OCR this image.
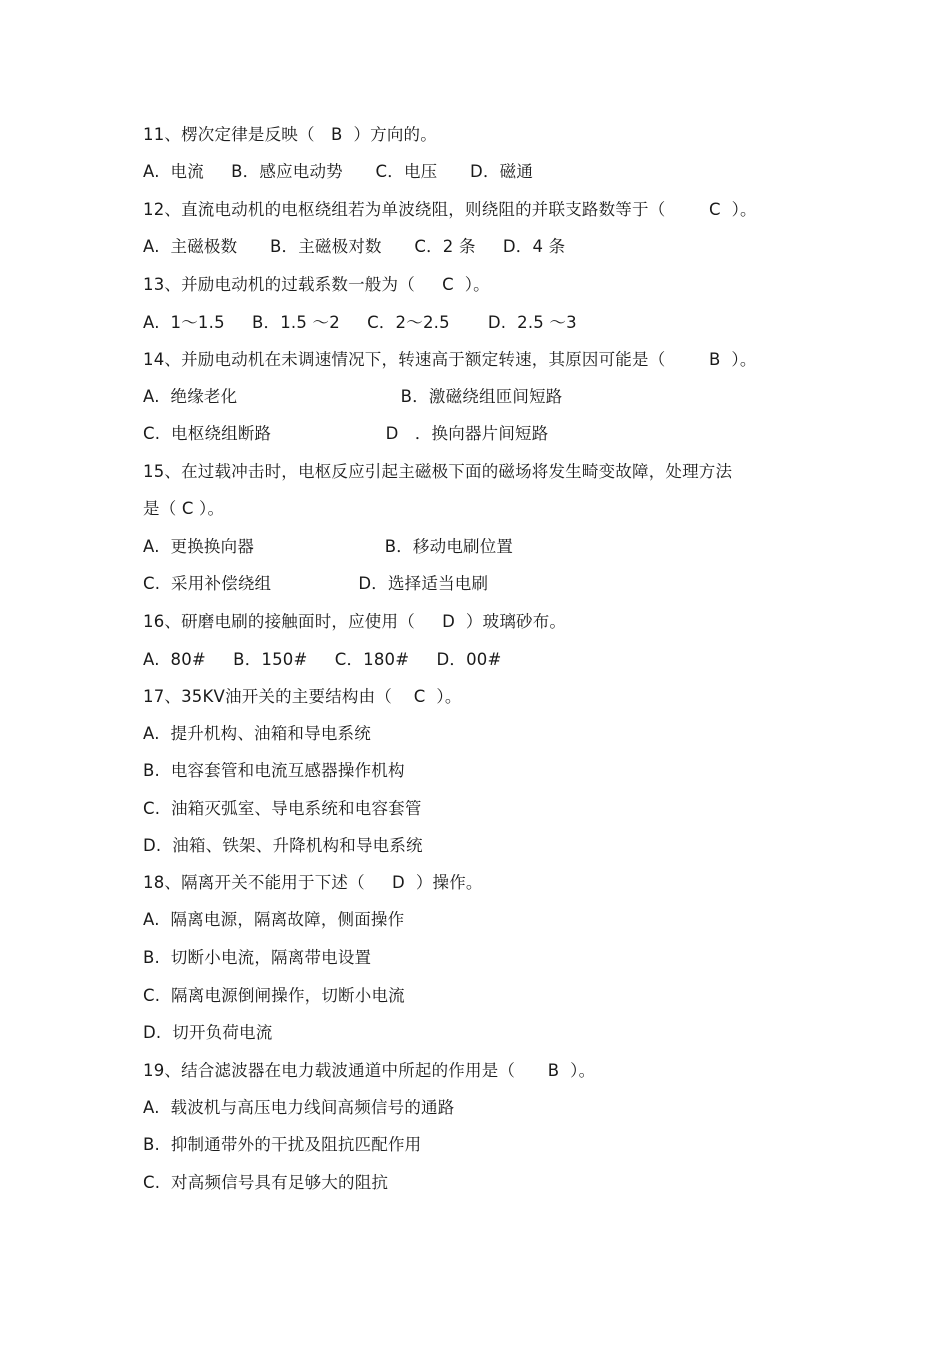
11、楞次定律是反映（   B  ）方向的。
A.  电流     B．感应电动势      C．电压      D．磁通
12、直流电动机的电枢绕组若为单波绕阻，则绕阻的并联支路数等于（        C  ）。
A.  主磁极数      B．主磁极对数      C．2 条     D．4 条
13、并励电动机的过载系数一般为（     C  ）。
A.  1～1.5     B．1.5 ～2     C．2～2.5       D.  2.5 ～3
14、并励电动机在未调速情况下，转速高于额定转速，其原因可能是（        B  ）。
A.  绝缘老化                              B．激磁绕组匝间短路
C.  电枢绕组断路                     D   ．换向器片间短路
15、在过载冲击时，电枢反应引起主磁极下面的磁场将发生畸变故障，处理方法
是（ C ）。
A.  更换换向器                        B．移动电刷位置
C.  采用补偿绕组                D．选择适当电刷
16、研磨电刷的接触面时，应使用（     D  ）玻璃砂布。
A.  80#     B．150#     C．180#     D．00#
17、35KV油开关的主要结构由（    C  ）。
A.  提升机构、油箱和导电系统
B.  电容套管和电流互感器操作机构
C.  油箱灭弧室、导电系统和电容套管
D.  油箱、铁架、升降机构和导电系统
18、隔离开关不能用于下述（     D  ）操作。
A.  隔离电源，隔离故障，侧面操作
B.  切断小电流，隔离带电设置
C.  隔离电源倒闸操作，切断小电流
D.  切开负荷电流
19、结合滤波器在电力载波通道中所起的作用是（      B  ）。
A.  载波机与高压电力线间高频信号的通路
B.  抑制通带外的干扰及阻抗匹配作用
C.  对高频信号具有足够大的阻抗
